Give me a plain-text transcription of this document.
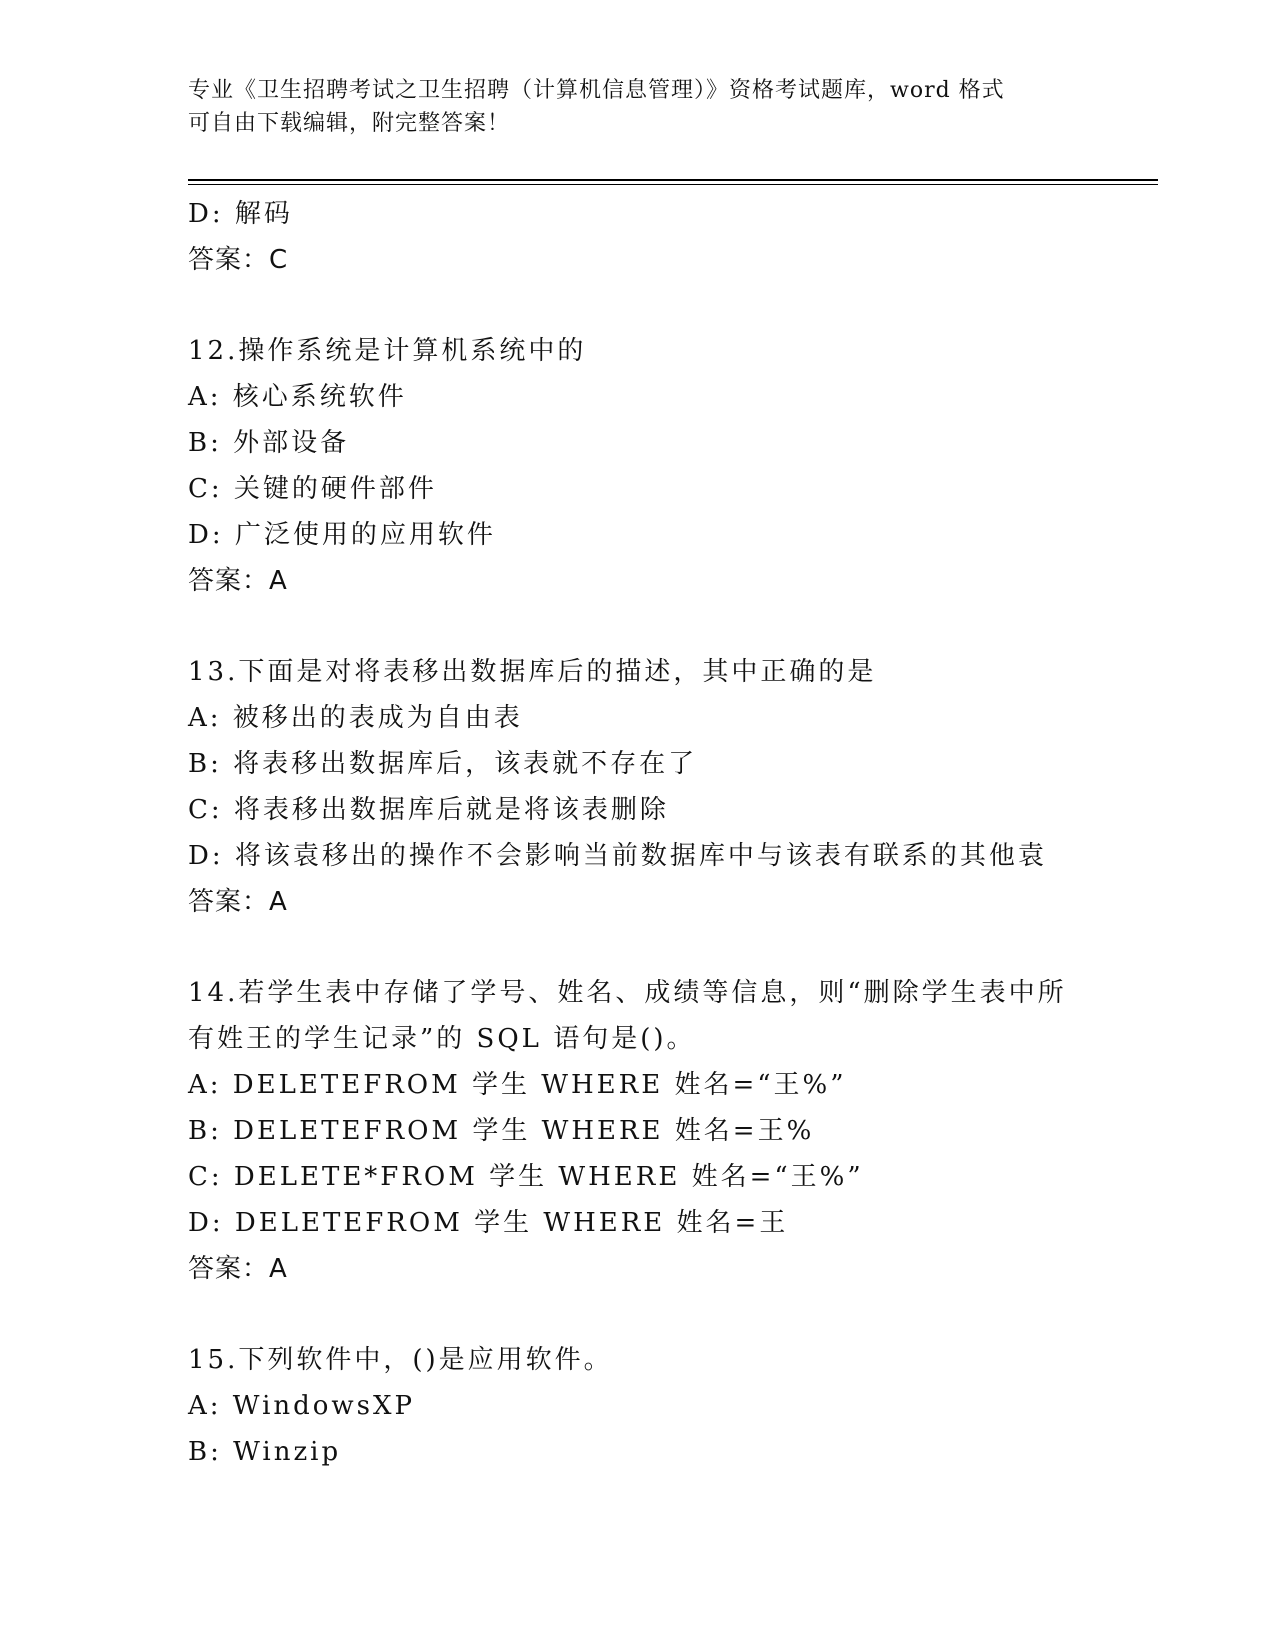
专业《卫生招聘考试之卫生招聘（计算机信息管理）》资格考试题库，word 格式
可自由下载编辑，附完整答案！
D: 解码
答案：C
12.操作系统是计算机系统中的
A: 核心系统软件
B: 外部设备
C: 关键的硬件部件
D: 广泛使用的应用软件
答案：A
13.下面是对将表移出数据库后的描述，其中正确的是
A: 被移出的表成为自由表
B: 将表移出数据库后，该表就不存在了
C: 将表移出数据库后就是将该表删除
D: 将该袁移出的操作不会影响当前数据库中与该表有联系的其他袁
答案：A
14.若学生表中存储了学号、姓名、成绩等信息，则“删除学生表中所
有姓王的学生记录”的 SQL 语句是()。
A: DELETEFROM 学生 WHERE 姓名=“王%”
B: DELETEFROM 学生 WHERE 姓名=王%
C: DELETE*FROM 学生 WHERE 姓名=“王%”
D: DELETEFROM 学生 WHERE 姓名=王
答案：A
15.下列软件中，()是应用软件。
A: WindowsXP
B: Winzip
